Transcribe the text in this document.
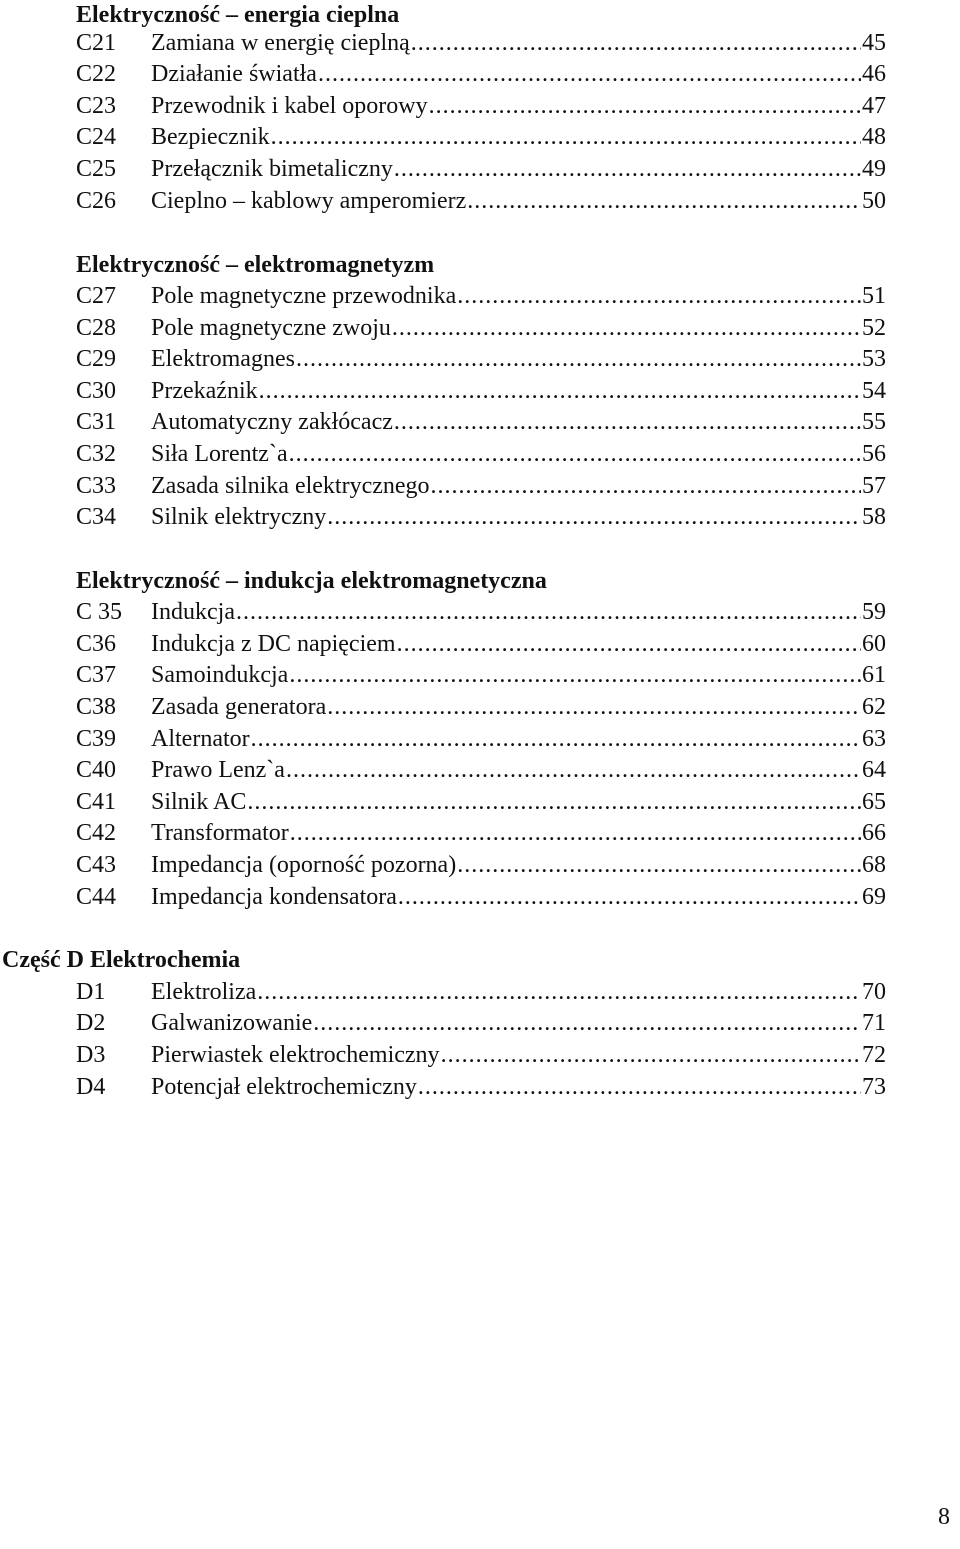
Elektryczność – energia cieplna
C21 Zamiana w energię cieplną .....	45
C22 Działanie światła .....	46
C23 Przewodnik i kabel oporowy .....	47
C24 Bezpiecznik .....	48
C25 Przełącznik bimetaliczny .....	49
C26 Cieplno – kablowy amperomierz .....	50
Elektryczność – elektromagnetyzm
C27 Pole magnetyczne przewodnika .....	51
C28 Pole magnetyczne zwoju .....	52
C29 Elektromagnes .....	53
C30 Przekaźnik .....	54
C31 Automatyczny zakłócacz .....	55
C32 Siła Lorentz`a .....	56
C33 Zasada silnika elektrycznego .....	57
C34 Silnik elektryczny .....	58
Elektryczność – indukcja elektromagnetyczna
C 35 Indukcja .....	59
C36 Indukcja z DC napięciem .....	60
C37 Samoindukcja .....	61
C38 Zasada generatora .....	62
C39 Alternator .....	63
C40 Prawo Lenz`a .....	64
C41 Silnik AC .....	65
C42 Transformator .....	66
C43 Impedancja (oporność pozorna) .....	68
C44 Impedancja kondensatora .....	69
Część D Elektrochemia
D1 Elektroliza .....	70
D2 Galwanizowanie .....	71
D3 Pierwiastek elektrochemiczny .....	72
D4 Potencjał elektrochemiczny .....	73
8
